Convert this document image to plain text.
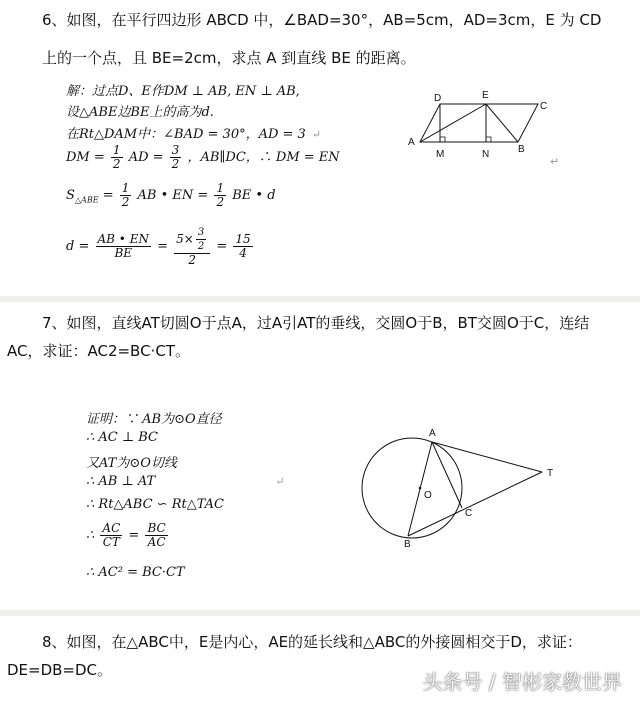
6、如图，在平行四边形 ABCD 中，∠BAD=30°，AB=5cm，AD=3cm，E 为 CD
上的一个点，且 BE=2cm，求点 A 到直线 BE 的距离。
解：过点D、E作DM ⊥ AB, EN ⊥ AB,
设△ABE边BE上的高为d.
在Rt△DAM中：∠BAD = 30°，AD = 3 ↵
DM = $\frac{1}{2}$ AD = $\frac{3}{2}$ ，AB∥DC，∴ DM = EN
$S_{\triangle ABE} = \frac{1}{2}$ AB • EN = $\frac{1}{2}$ BE • d
$d = \frac{AB • EN}{BE} = \frac{5\times \frac{3}{2}}{2} = \frac{15}{4}$
D	E
C
A
M	N	B
↵
7、如图，直线AT切圆O于点A，过A引AT的垂线，交圆O于B，BT交圆O于C，连结
AC，求证：AC2=BC·CT。
证明：∵ AB为⊙O直径
∴ AC ⊥ BC
又AT为⊙O切线
∴ AB ⊥ AT	↵
∴ Rt△ABC ∽ Rt△TAC
∴ $\frac{AC}{CT} = \frac{BC}{AC}$
∴ AC² = BC·CT
A
T
O
C
B
8、如图，在△ABC中，E是内心，AE的延长线和△ABC的外接圆相交于D，求证：
DE=DB=DC。	头条号 / 智彬家教世界
